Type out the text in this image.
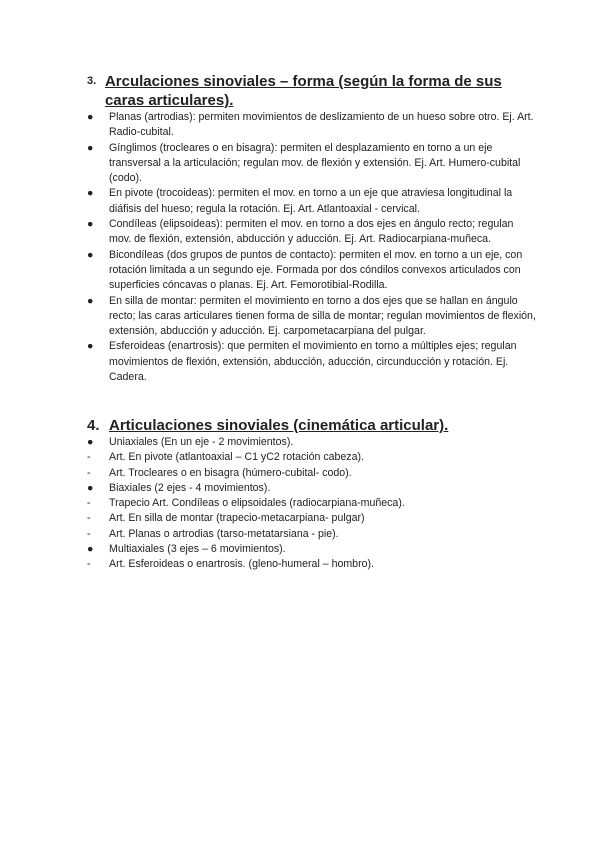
3. Arculaciones sinoviales – forma (según la forma de sus caras articulares).
●	Planas (artrodias): permiten movimientos de deslizamiento de un hueso sobre otro. Ej. Art. Radio-cubital.
●	Gínglimos (trocleares o en bisagra): permiten el desplazamiento en torno a un eje transversal a la articulación; regulan mov. de flexión y extensión. Ej. Art. Humero-cubital (codo).
●	En pivote (trocoideas): permiten el mov. en torno a un eje que atraviesa longitudinal la diáfisis del hueso; regula la rotación. Ej. Art. Atlantoaxial - cervical.
●	Condíleas (elipsoideas): permiten el mov. en torno a dos ejes en ángulo recto; regulan mov. de flexión, extensión, abducción y aducción. Ej. Art. Radiocarpiana-muñeca.
●	Bicondíleas (dos grupos de puntos de contacto): permiten el mov. en torno a un eje, con rotación limitada a un segundo eje. Formada por dos cóndilos convexos articulados con superficies cóncavas o planas. Ej. Art. Femorotibial-Rodilla.
●	En silla de montar: permiten el movimiento en torno a dos ejes que se hallan en ángulo recto; las caras articulares tienen forma de silla de montar; regulan movimientos de flexión, extensión, abducción y aducción. Ej. carpometacarpiana del pulgar.
●	Esferoideas (enartrosis): que permiten el movimiento en torno a múltiples ejes; regulan movimientos de flexión, extensión, abducción, aducción, circunducción y rotación. Ej. Cadera.
4. Articulaciones sinoviales (cinemática articular).
●	Uniaxiales (En un eje - 2 movimientos).
-	Art. En pivote (atlantoaxial – C1 yC2 rotación cabeza).
-	Art. Trocleares o en bisagra (húmero-cubital- codo).
●	Biaxiales (2 ejes - 4 movimientos).
-	Trapecio Art. Condíleas o elipsoidales (radiocarpiana-muñeca).
-	Art. En silla de montar (trapecio-metacarpiana- pulgar)
-	Art. Planas o artrodias (tarso-metatarsiana - pie).
●	Multiaxiales (3 ejes – 6 movimientos).
-	Art. Esferoideas o enartrosis. (gleno-humeral – hombro).
